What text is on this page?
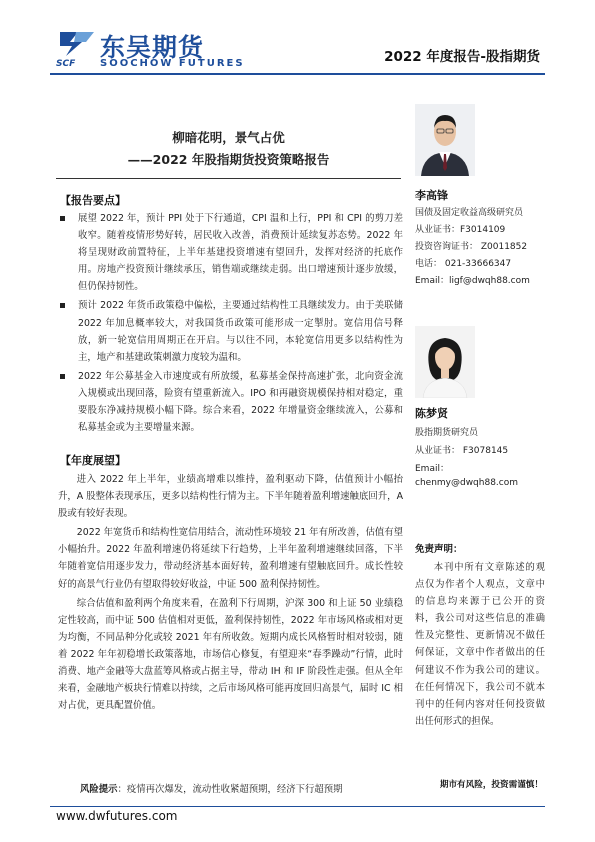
SCF
东吴期货
SOOCHOW FUTURES	2022 年度报告-股指期货
柳暗花明，景气占优
——2022 年股指期货投资策略报告
【报告要点】
展望 2022 年，预计 PPI 处于下行通道，CPI 温和上行，PPI 和 CPI 的剪刀差收窄。随着疫情形势好转，居民收入改善，消费预计延续复苏态势。2022 年将呈现财政前置特征，上半年基建投资增速有望回升，发挥对经济的托底作用。房地产投资预计继续承压，销售端或继续走弱。出口增速预计逐步放缓，但仍保持韧性。
预计 2022 年货币政策稳中偏松，主要通过结构性工具继续发力。由于美联储 2022 年加息概率较大，对我国货币政策可能形成一定掣肘。宽信用信号释放，新一轮宽信用周期正在开启。与以往不同，本轮宽信用更多以结构性为主，地产和基建政策刺激力度较为温和。
2022 年公募基金入市速度或有所放缓，私募基金保持高速扩张，北向资金流入规模或出现回落，险资有望重新流入。IPO 和再融资规模保持相对稳定，重要股东净减持规模小幅下降。综合来看，2022 年增量资金继续流入，公募和私募基金或为主要增量来源。
【年度展望】

进入 2022 年上半年，业绩高增难以维持，盈利驱动下降，估值预计小幅抬升，A 股整体表现承压，更多以结构性行情为主。下半年随着盈利增速触底回升，A 股或有较好表现。

2022 年宽货币和结构性宽信用结合，流动性环境较 21 年有所改善，估值有望小幅抬升。2022 年盈利增速仍将延续下行趋势，上半年盈利增速继续回落，下半年随着宽信用逐步发力，带动经济基本面好转，盈利增速有望触底回升。成长性较好的高景气行业仍有望取得较好收益，中证 500 盈利保持韧性。

综合估值和盈利两个角度来看，在盈利下行周期，沪深 300 和上证 50 业绩稳定性较高，而中证 500 估值相对更低，盈利保持韧性，2022 年市场风格或相对更为均衡，不同品种分化或较 2021 年有所收敛。短期内成长风格暂时相对较弱，随着 2022 年年初稳增长政策落地，市场信心修复，有望迎来“春季躁动”行情，此时消费、地产金融等大盘蓝筹风格或占据主导，带动 IH 和 IF 阶段性走强。但从全年来看，金融地产板块行情难以持续，之后市场风格可能再度回归高景气，届时 IC 相对占优，更具配置价值。

风险提示：疫情再次爆发，流动性收紧超预期，经济下行超预期
李高锋
国债及固定收益高级研究员
从业证书：F3014109
投资咨询证书： Z0011852
电话： 021-33666347
Email：ligf@dwqh88.com
陈梦贤
股指期货研究员
从业证书： F3078145
Email：
chenmy@dwqh88.com
免责声明：
本刊中所有文章陈述的观点仅为作者个人观点，文章中的信息均来源于已公开的资料，我公司对这些信息的准确性及完整性、更新情况不做任何保证，文章中作者做出的任何建议不作为我公司的建议。在任何情况下，我公司不就本刊中的任何内容对任何投资做出任何形式的担保。
期市有风险，投资需谨慎！
www.dwfutures.com
